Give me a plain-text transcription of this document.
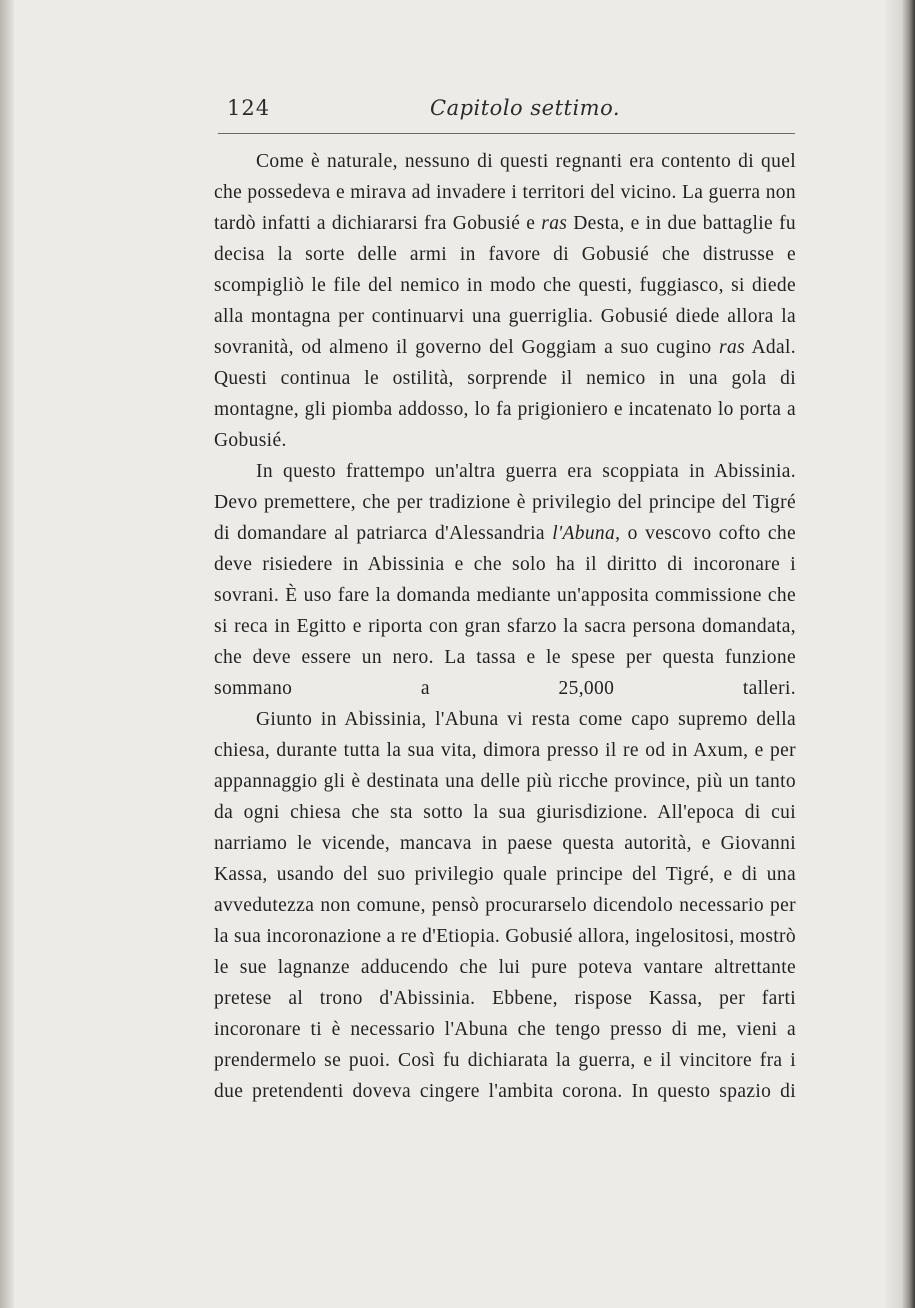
124	Capitolo settimo.

Come è naturale, nessuno di questi regnanti era contento di quel che possedeva e mirava ad invadere i territori del vicino. La guerra non tardò infatti a dichiararsi fra Gobusié e ras Desta, e in due battaglie fu decisa la sorte delle armi in favore di Gobusié che distrusse e scompigliò le file del nemico in modo che questi, fuggiasco, si diede alla montagna per continuarvi una guerriglia. Gobusié diede allora la sovranità, od almeno il governo del Goggiam a suo cugino ras Adal. Questi continua le ostilità, sorprende il nemico in una gola di montagne, gli piomba addosso, lo fa prigioniero e incatenato lo porta a Gobusié.

In questo frattempo un'altra guerra era scoppiata in Abissinia. Devo premettere, che per tradizione è privilegio del principe del Tigré di domandare al patriarca d'Alessandria l'Abuna, o vescovo cofto che deve risiedere in Abissinia e che solo ha il diritto di incoronare i sovrani. È uso fare la domanda mediante un'apposita commissione che si reca in Egitto e riporta con gran sfarzo la sacra persona domandata, che deve essere un nero. La tassa e le spese per questa funzione sommano a 25,000 talleri.

Giunto in Abissinia, l'Abuna vi resta come capo supremo della chiesa, durante tutta la sua vita, dimora presso il re od in Axum, e per appannaggio gli è destinata una delle più ricche province, più un tanto da ogni chiesa che sta sotto la sua giurisdizione. All'epoca di cui narriamo le vicende, mancava in paese questa autorità, e Giovanni Kassa, usando del suo privilegio quale principe del Tigré, e di una avvedutezza non comune, pensò procurarselo dicendolo necessario per la sua incoronazione a re d'Etiopia. Gobusié allora, ingelositosi, mostrò le sue lagnanze adducendo che lui pure poteva vantare altrettante pretese al trono d'Abissinia. Ebbene, rispose Kassa, per farti incoronare ti è necessario l'Abuna che tengo presso di me, vieni a prendermelo se puoi. Così fu dichiarata la guerra, e il vincitore fra i due pretendenti doveva cingere l'ambita corona. In questo spazio di
